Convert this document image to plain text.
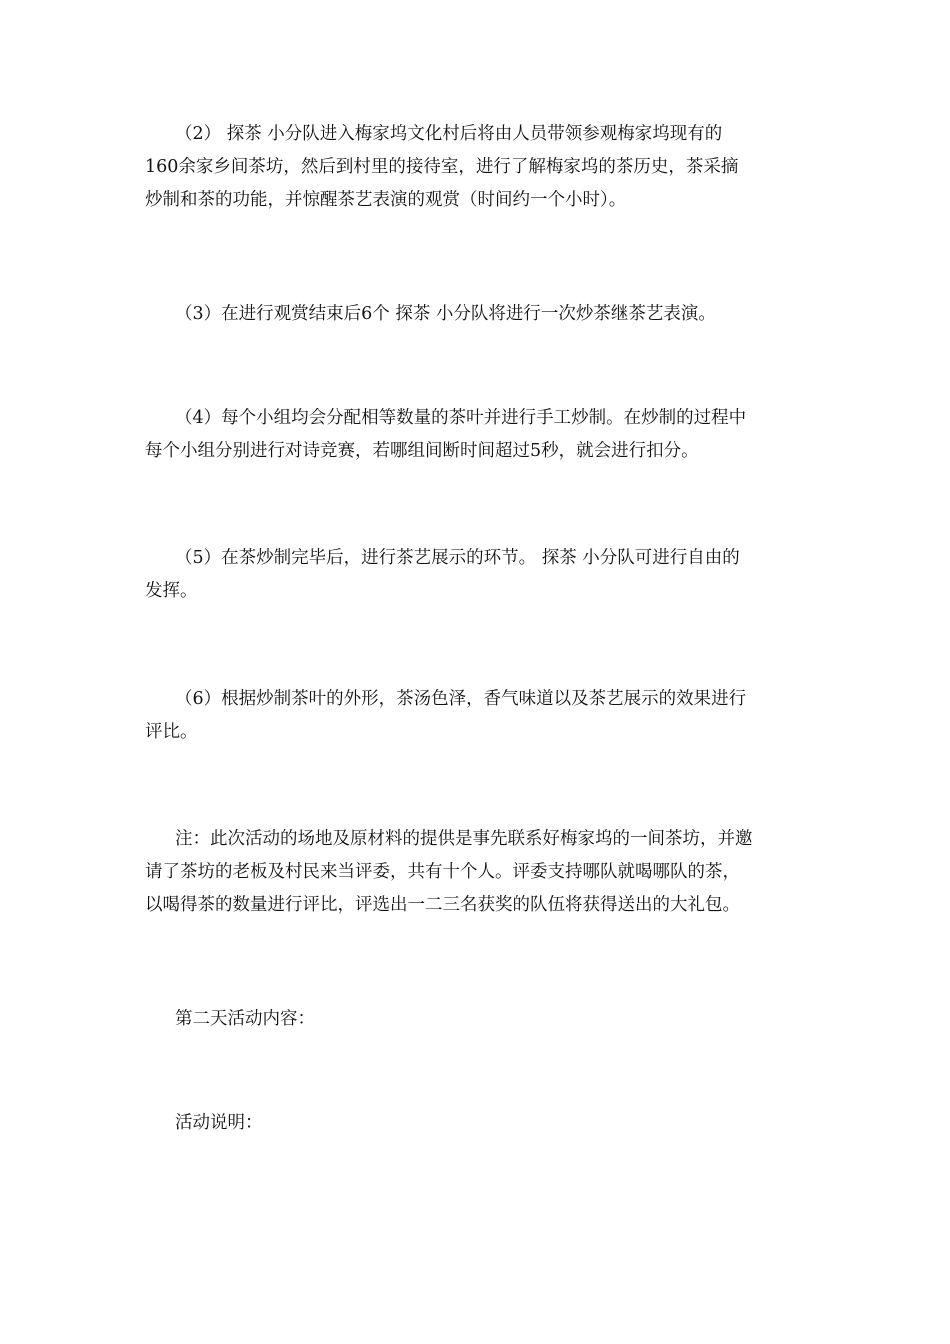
（2） 探茶 小分队进入梅家坞文化村后将由人员带领参观梅家坞现有的
160余家乡间茶坊，然后到村里的接待室，进行了解梅家坞的茶历史，茶采摘
炒制和茶的功能，并惊醒茶艺表演的观赏（时间约一个小时）。
（3）在进行观赏结束后6个 探茶 小分队将进行一次炒茶继茶艺表演。
（4）每个小组均会分配相等数量的茶叶并进行手工炒制。在炒制的过程中
每个小组分别进行对诗竞赛，若哪组间断时间超过5秒，就会进行扣分。
（5）在茶炒制完毕后，进行茶艺展示的环节。 探茶 小分队可进行自由的
发挥。
（6）根据炒制茶叶的外形，茶汤色泽，香气味道以及茶艺展示的效果进行
评比。
注：此次活动的场地及原材料的提供是事先联系好梅家坞的一间茶坊，并邀
请了茶坊的老板及村民来当评委，共有十个人。评委支持哪队就喝哪队的茶，
以喝得茶的数量进行评比，评选出一二三名获奖的队伍将获得送出的大礼包。
第二天活动内容：
活动说明：
